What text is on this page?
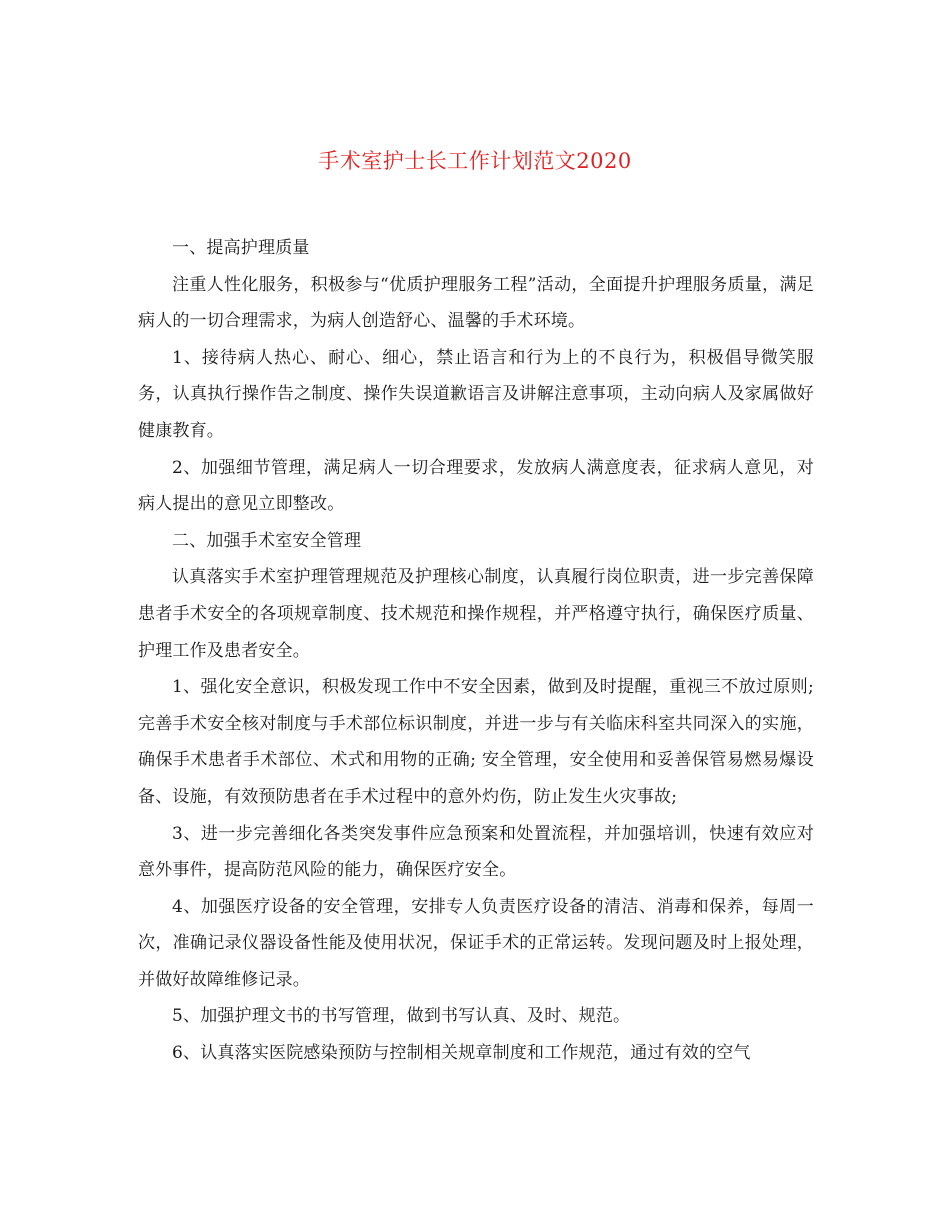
手术室护士长工作计划范文2020

一、提高护理质量

注重人性化服务，积极参与“优质护理服务工程”活动，全面提升护理服务质量，满足病人的一切合理需求，为病人创造舒心、温馨的手术环境。

1、接待病人热心、耐心、细心，禁止语言和行为上的不良行为，积极倡导微笑服务，认真执行操作告之制度、操作失误道歉语言及讲解注意事项，主动向病人及家属做好健康教育。

2、加强细节管理，满足病人一切合理要求，发放病人满意度表，征求病人意见，对病人提出的意见立即整改。

二、加强手术室安全管理

认真落实手术室护理管理规范及护理核心制度，认真履行岗位职责，进一步完善保障患者手术安全的各项规章制度、技术规范和操作规程，并严格遵守执行，确保医疗质量、护理工作及患者安全。

1、强化安全意识，积极发现工作中不安全因素，做到及时提醒，重视三不放过原则;完善手术安全核对制度与手术部位标识制度，并进一步与有关临床科室共同深入的实施，确保手术患者手术部位、术式和用物的正确; 安全管理，安全使用和妥善保管易燃易爆设备、设施，有效预防患者在手术过程中的意外灼伤，防止发生火灾事故;

3、进一步完善细化各类突发事件应急预案和处置流程，并加强培训，快速有效应对意外事件，提高防范风险的能力，确保医疗安全。

4、加强医疗设备的安全管理，安排专人负责医疗设备的清洁、消毒和保养，每周一次，准确记录仪器设备性能及使用状况，保证手术的正常运转。发现问题及时上报处理，并做好故障维修记录。

5、加强护理文书的书写管理，做到书写认真、及时、规范。

6、认真落实医院感染预防与控制相关规章制度和工作规范，通过有效的空气
